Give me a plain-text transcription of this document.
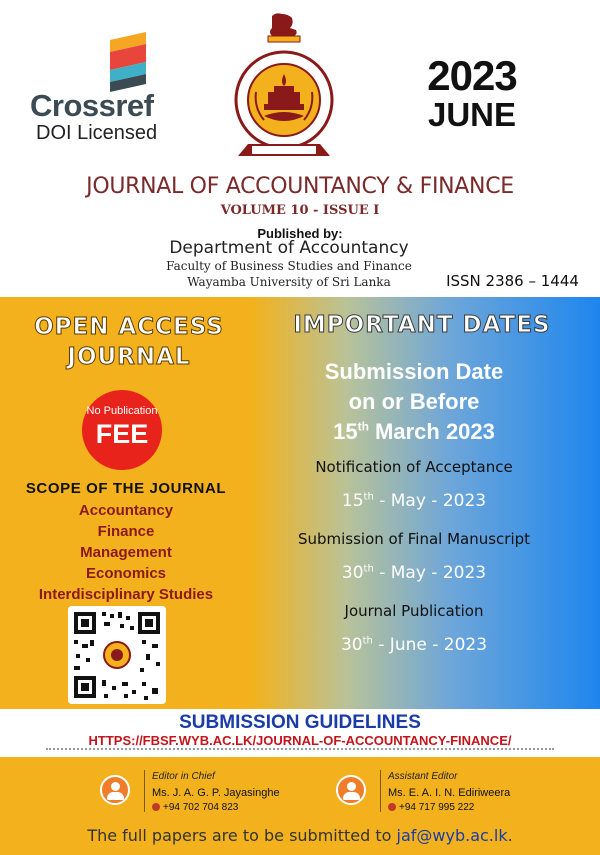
Crossref
DOI Licensed
2023
JUNE
JOURNAL OF ACCOUNTANCY & FINANCE
VOLUME 10 - ISSUE I
Published by:
Department of Accountancy
Faculty of Business Studies and Finance
Wayamba University of Sri Lanka	ISSN 2386 – 1444
OPEN ACCESS
JOURNAL
No Publication
FEE
SCOPE OF THE JOURNAL
Accountancy
Finance
Management
Economics
Interdisciplinary Studies
IMPORTANT DATES
Submission Date
on or Before
15th March 2023
Notification of Acceptance
15th - May - 2023
Submission of Final Manuscript
30th - May - 2023
Journal Publication
30th - June - 2023
SUBMISSION GUIDELINES
HTTPS://FBSF.WYB.AC.LK/JOURNAL-OF-ACCOUNTANCY-FINANCE/
Editor in Chief
Ms. J. A. G. P. Jayasinghe
+94 702 704 823
Assistant Editor
Ms. E. A. I. N. Ediriweera
+94 717 995 222
The full papers are to be submitted to jaf@wyb.ac.lk.
